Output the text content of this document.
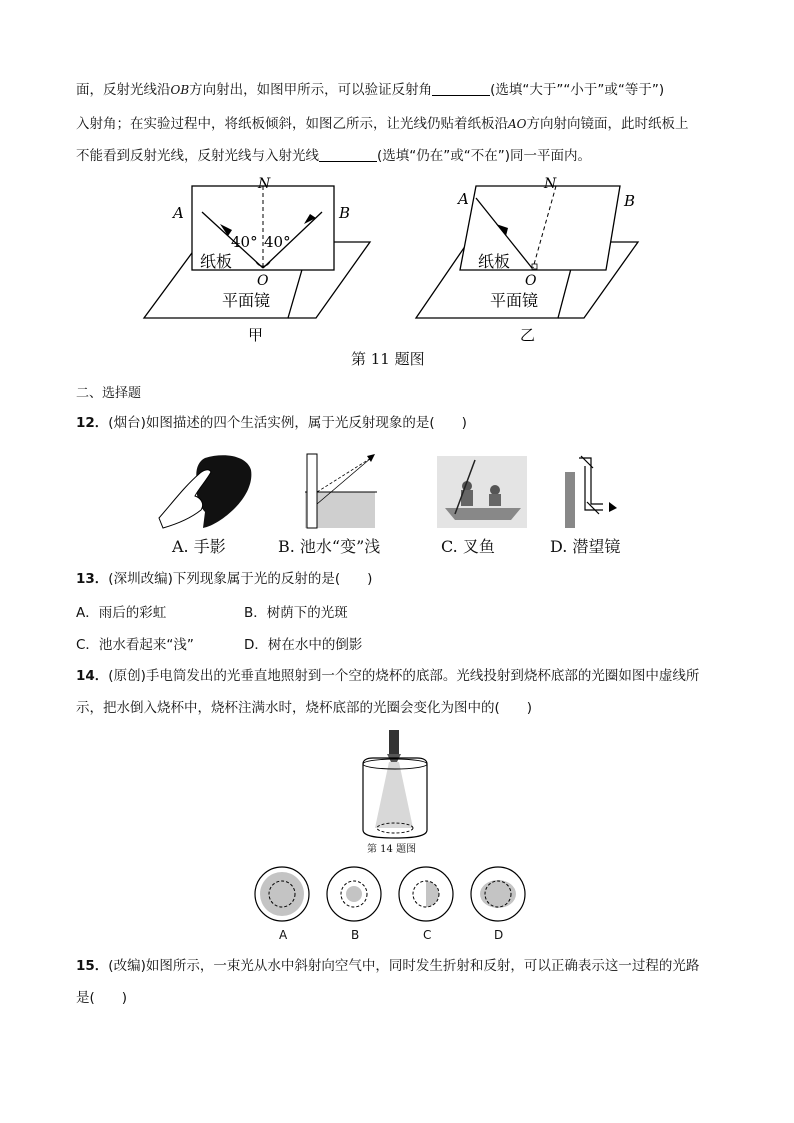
面，反射光线沿OB方向射出，如图甲所示，可以验证反射角	(选填“大于”“小于”或“等于”)
入射角；在实验过程中，将纸板倾斜，如图乙所示，让光线仍贴着纸板沿AO方向射向镜面，此时纸板上
不能看到反射光线，反射光线与入射光线	(选填“仍在”或“不在”)同一平面内。
N
A	B
40° 40°
纸板
O
平面镜
甲
N
A	B
纸板
O
平面镜
乙
第 11 题图
二、选择题
12．(烟台)如图描述的四个生活实例，属于光反射现象的是(　　)
A. 手影	B. 池水“变”浅	C. 叉鱼	D. 潜望镜
13．(深圳改编)下列现象属于光的反射的是(　　)
A．雨后的彩虹	B．树荫下的光斑
C．池水看起来“浅”	D．树在水中的倒影
14．(原创)手电筒发出的光垂直地照射到一个空的烧杯的底部。光线投射到烧杯底部的光圈如图中虚线所
示，把水倒入烧杯中，烧杯注满水时，烧杯底部的光圈会变化为图中的(　　)
第 14 题图
A	B	C	D
15．(改编)如图所示，一束光从水中斜射向空气中，同时发生折射和反射，可以正确表示这一过程的光路
是(　　)
